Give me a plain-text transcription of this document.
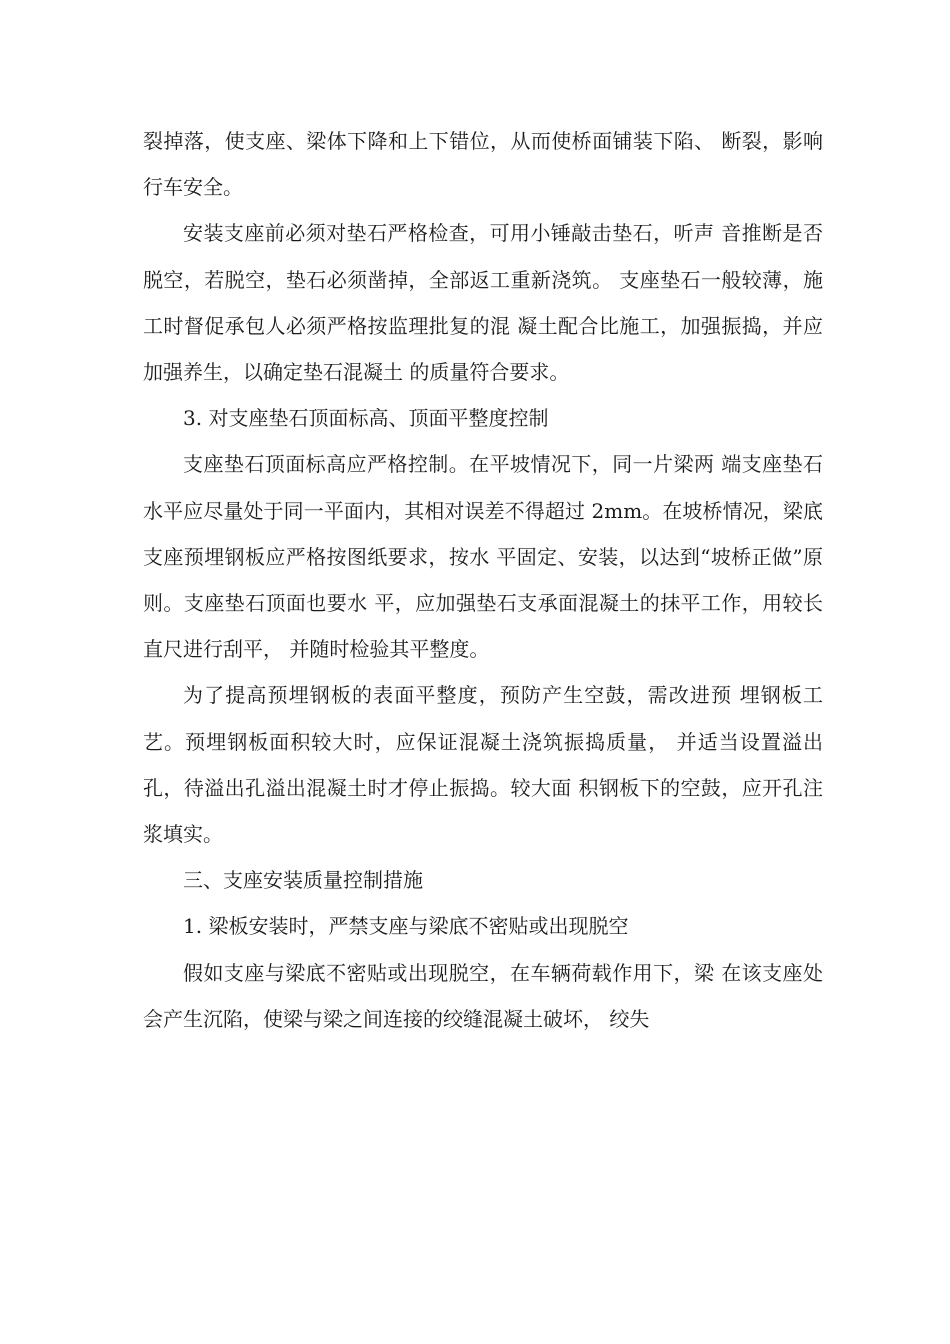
裂掉落，使支座、梁体下降和上下错位，从而使桥面铺装下陷、 断裂，影响行车安全。

安装支座前必须对垫石严格检查，可用小锤敲击垫石，听声 音推断是否脱空，若脱空，垫石必须凿掉，全部返工重新浇筑。 支座垫石一般较薄，施工时督促承包人必须严格按监理批复的混 凝土配合比施工，加强振捣，并应加强养生，以确定垫石混凝土 的质量符合要求。

3. 对支座垫石顶面标高、顶面平整度控制

支座垫石顶面标高应严格控制。在平坡情况下，同一片梁两 端支座垫石水平应尽量处于同一平面内，其相对误差不得超过 2mm。在坡桥情况，梁底支座预埋钢板应严格按图纸要求，按水 平固定、安装，以达到“坡桥正做”原则。支座垫石顶面也要水 平，应加强垫石支承面混凝土的抹平工作，用较长直尺进行刮平， 并随时检验其平整度。

为了提高预埋钢板的表面平整度，预防产生空鼓，需改进预 埋钢板工艺。预埋钢板面积较大时，应保证混凝土浇筑振捣质量， 并适当设置溢出孔，待溢出孔溢出混凝土时才停止振捣。较大面 积钢板下的空鼓，应开孔注浆填实。

三、支座安装质量控制措施

1. 梁板安装时，严禁支座与梁底不密贴或出现脱空

假如支座与梁底不密贴或出现脱空，在车辆荷载作用下，梁 在该支座处会产生沉陷，使梁与梁之间连接的绞缝混凝土破坏， 绞失
